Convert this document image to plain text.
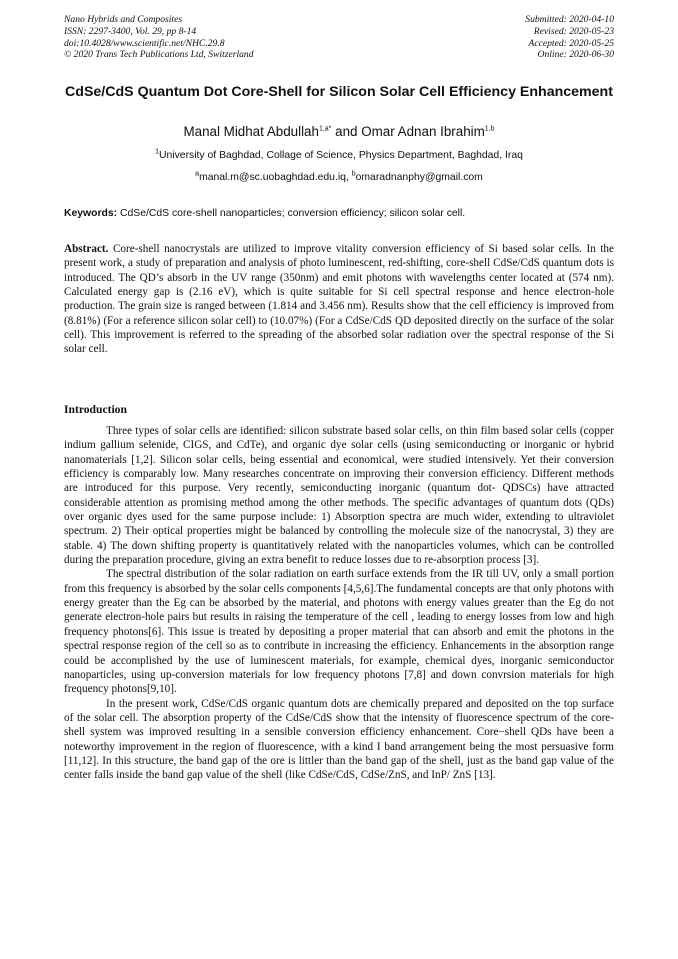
Nano Hybrids and Composites
ISSN: 2297-3400, Vol. 29, pp 8-14
doi:10.4028/www.scientific.net/NHC.29.8
© 2020 Trans Tech Publications Ltd, Switzerland
Submitted: 2020-04-10
Revised: 2020-05-23
Accepted: 2020-05-25
Online: 2020-06-30
CdSe/CdS Quantum Dot Core-Shell for Silicon Solar Cell Efficiency Enhancement
Manal Midhat Abdullah$^{1,a*}$ and Omar Adnan Ibrahim$^{1,b}$
$^1$University of Baghdad, Collage of Science, Physics Department, Baghdad, Iraq
$^a$manal.m@sc.uobaghdad.edu.iq, $^b$omaradnanphy@gmail.com
Keywords: CdSe/CdS core-shell nanoparticles; conversion efficiency; silicon solar cell.
Abstract. Core-shell nanocrystals are utilized to improve vitality conversion efficiency of Si based solar cells. In the present work, a study of preparation and analysis of photo luminescent, red-shifting, core-shell CdSe/CdS quantum dots is introduced. The QD’s absorb in the UV range (350nm) and emit photons with wavelengths center located at (574 nm). Calculated energy gap is (2.16 eV), which is quite suitable for Si cell spectral response and hence electron-hole production. The grain size is ranged between (1.814 and 3.456 nm). Results show that the cell efficiency is improved from (8.81%) (For a reference silicon solar cell) to (10.07%) (For a CdSe/CdS QD deposited directly on the surface of the solar cell). This improvement is referred to the spreading of the absorbed solar radiation over the spectral response of the Si solar cell.
Introduction

Three types of solar cells are identified: silicon substrate based solar cells, on thin film based solar cells (copper indium gallium selenide, CIGS, and CdTe), and organic dye solar cells (using semiconducting or inorganic or hybrid nanomaterials [1,2]. Silicon solar cells, being essential and economical, were studied intensively. Yet their conversion efficiency is comparably low. Many researches concentrate on improving their conversion efficiency. Different methods are introduced for this purpose. Very recently, semiconducting inorganic (quantum dot- QDSCs) have attracted considerable attention as promising method among the other methods. The specific advantages of quantum dots (QDs) over organic dyes used for the same purpose include: 1) Absorption spectra are much wider, extending to ultraviolet spectrum. 2) Their optical properties might be balanced by controlling the molecule size of the nanocrystal, 3) they are stable. 4) The down shifting property is quantitatively related with the nanoparticles volumes, which can be controlled during the preparation procedure, giving an extra benefit to reduce losses due to re-absorption process [3].

The spectral distribution of the solar radiation on earth surface extends from the IR till UV, only a small portion from this frequency is absorbed by the solar cells components [4,5,6].The fundamental concepts are that only photons with energy greater than the Eg can be absorbed by the material, and photons with energy values greater than the Eg do not generate electron-hole pairs but results in raising the temperature of the cell , leading to energy losses from low and high frequency photons[6]. This issue is treated by depositing a proper material that can absorb and emit the photons in the spectral response region of the cell so as to contribute in increasing the efficiency. Enhancements in the absorption range could be accomplished by the use of luminescent materials, for example, chemical dyes, inorganic semiconductor nanoparticles, using up-conversion materials for low frequency photons [7,8] and down convrsion materials for high frequency photons[9,10].

In the present work, CdSe/CdS organic quantum dots are chemically prepared and deposited on the top surface of the solar cell. The absorption property of the CdSe/CdS show that the intensity of fluorescence spectrum of the core-shell system was improved resulting in a sensible conversion efficiency enhancement. Core−shell QDs have been a noteworthy improvement in the region of fluorescence, with a kind I band arrangement being the most persuasive form [11,12]. In this structure, the band gap of the ore is littler than the band gap of the shell, just as the band gap value of the center falls inside the band gap value of the shell (like CdSe/CdS, CdSe/ZnS, and InP/ ZnS [13].
